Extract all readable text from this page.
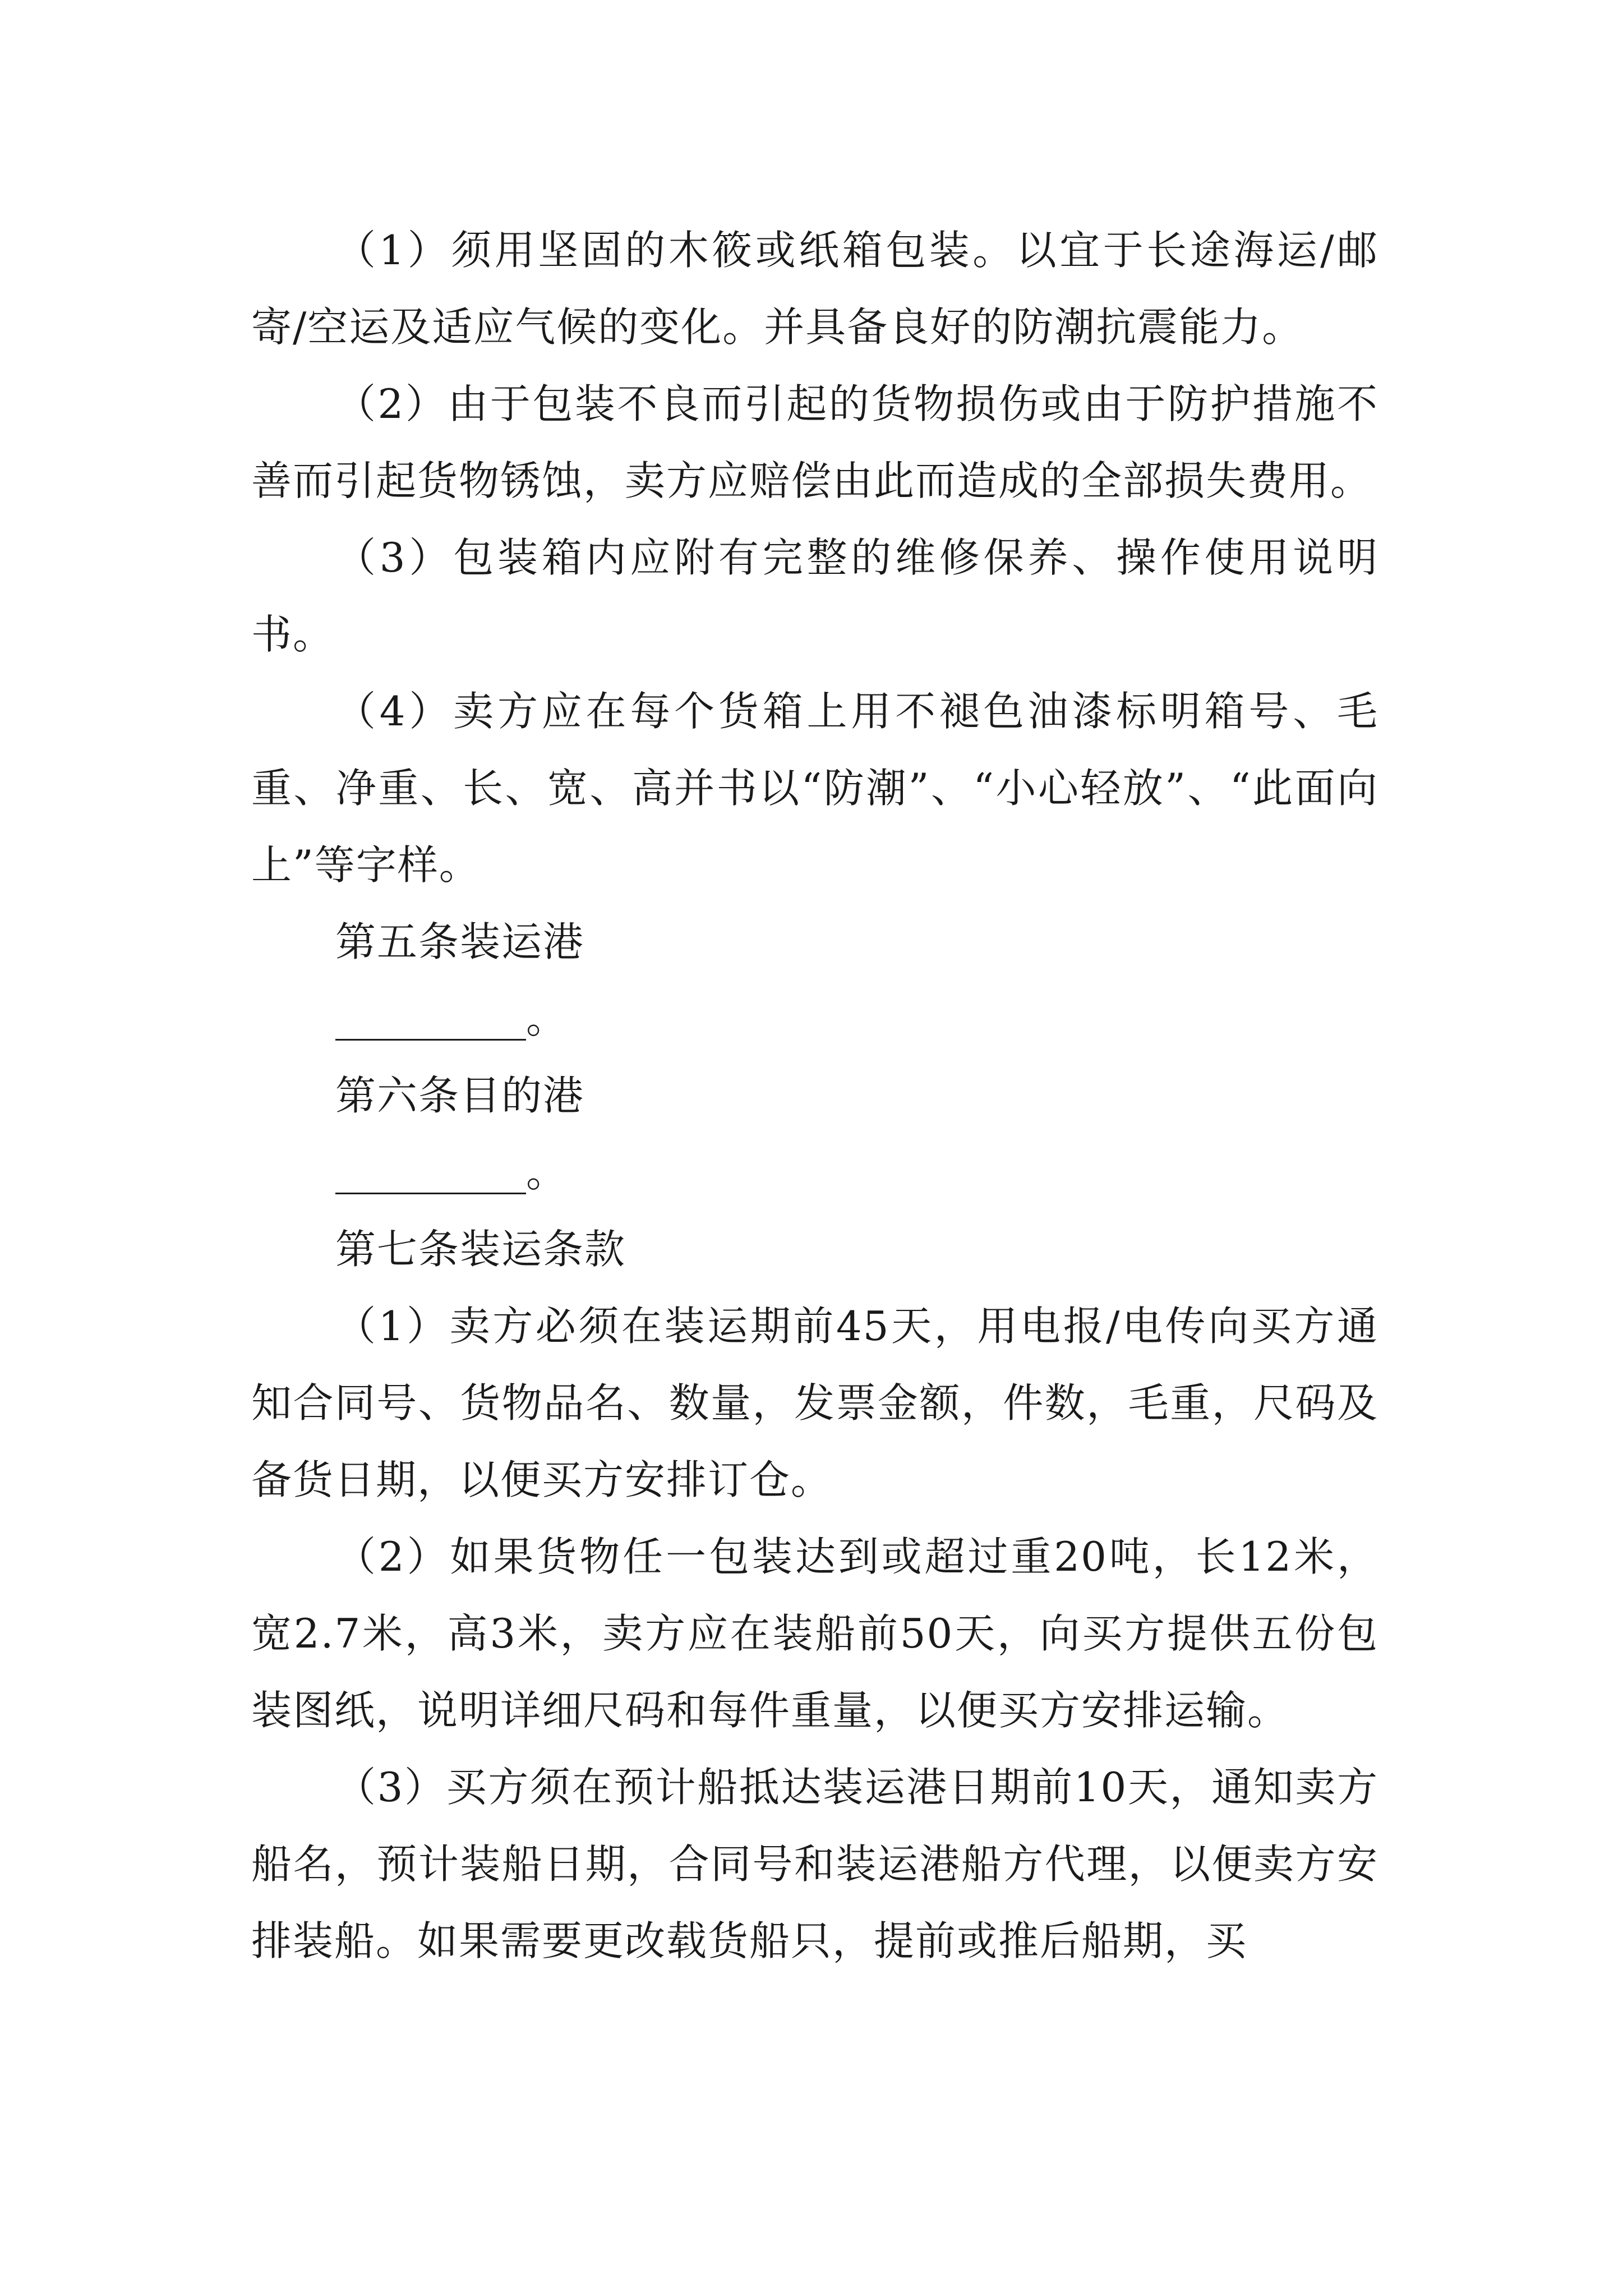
（1）须用坚固的木筱或纸箱包装。以宜于长途海运/邮寄/空运及适应气候的变化。并具备良好的防潮抗震能力。

（2）由于包装不良而引起的货物损伤或由于防护措施不善而引起货物锈蚀，卖方应赔偿由此而造成的全部损失费用。

（3）包装箱内应附有完整的维修保养、操作使用说明书。

（4）卖方应在每个货箱上用不褪色油漆标明箱号、毛重、净重、长、宽、高并书以“防潮”、“小心轻放”、“此面向上”等字样。

第五条装运港

。

第六条目的港

。

第七条装运条款

（1）卖方必须在装运期前45天，用电报/电传向买方通知合同号、货物品名、数量，发票金额，件数，毛重，尺码及备货日期，以便买方安排订仓。

（2）如果货物任一包装达到或超过重20吨，长12米，宽2.7米，高3米，卖方应在装船前50天，向买方提供五份包装图纸，说明详细尺码和每件重量，以便买方安排运输。

（3）买方须在预计船抵达装运港日期前10天，通知卖方船名，预计装船日期，合同号和装运港船方代理，以便卖方安排装船。如果需要更改载货船只，提前或推后船期，买
